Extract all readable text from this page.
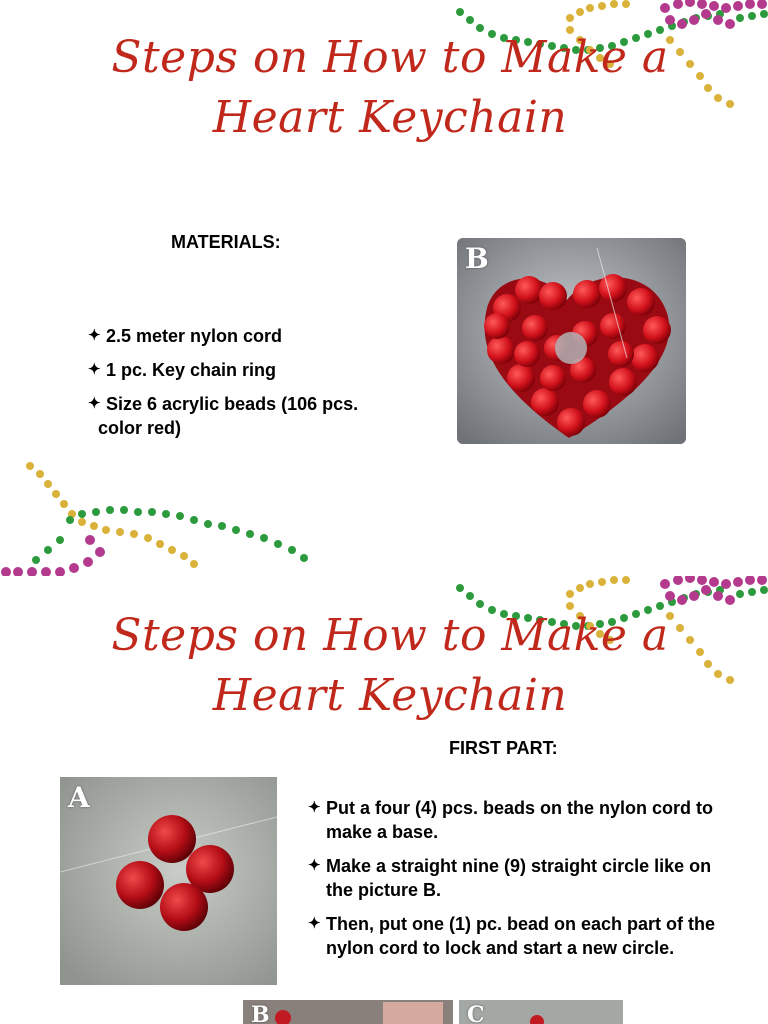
Steps on How to Make a
Heart Keychain
MATERIALS:
✦ 2.5 meter nylon cord
✦ 1 pc. Key chain ring
✦ Size 6 acrylic beads (106 pcs. color red)
B
Steps on How to Make a
Heart Keychain
FIRST PART:
A	✦ Put a four (4) pcs. beads on the nylon cord to make a base.
✦ Make a straight nine (9) straight circle like on the picture B.
✦ Then, put one (1) pc. bead on each part of the nylon cord to lock and start a new circle.
B	C
